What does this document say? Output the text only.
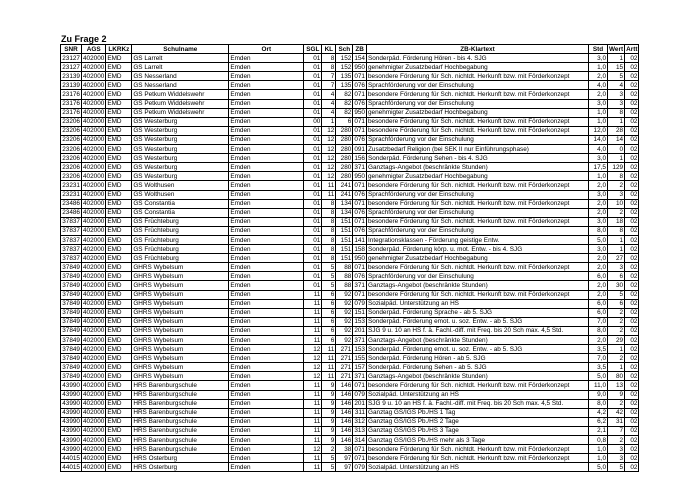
Zu Frage 2
SNR	AGS	LKRKz	Schulname	Ort	SGL	KL	Sch	ZB	ZB-Klartext	Std	Wert	Artt
23127	402000	EMD	GS Larrelt	Emden	01	8	152	154	Sonderpäd. Förderung Hören - bis 4. SJG	3,0	1	02
23127	402000	EMD	GS Larrelt	Emden	01	8	152	950	genehmigter Zusatzbedarf Hochbegabung	1,0	15	02
23139	402000	EMD	GS Nesserland	Emden	01	7	135	071	besondere Förderung für Sch. nichtdt. Herkunft bzw. mit Förderkonzept	2,0	5	02
23139	402000	EMD	GS Nesserland	Emden	01	7	135	076	Sprachförderung vor der Einschulung	4,0	4	02
23176	402000	EMD	GS Petkum Widdelswehr	Emden	01	4	82	071	besondere Förderung für Sch. nichtdt. Herkunft bzw. mit Förderkonzept	2,0	3	02
23176	402000	EMD	GS Petkum Widdelswehr	Emden	01	4	82	076	Sprachförderung vor der Einschulung	3,0	3	02
23176	402000	EMD	GS Petkum Widdelswehr	Emden	01	4	82	950	genehmigter Zusatzbedarf Hochbegabung	1,0	8	02
23206	402000	EMD	GS Westerburg	Emden	00	1	6	071	besondere Förderung für Sch. nichtdt. Herkunft bzw. mit Förderkonzept	1,0	1	02
23206	402000	EMD	GS Westerburg	Emden	01	12	280	071	besondere Förderung für Sch. nichtdt. Herkunft bzw. mit Förderkonzept	12,0	28	02
23206	402000	EMD	GS Westerburg	Emden	01	12	280	076	Sprachförderung vor der Einschulung	14,0	14	02
23206	402000	EMD	GS Westerburg	Emden	01	12	280	091	Zusatzbedarf Religion (bei SEK II nur Einführungsphase)	4,0	0	02
23206	402000	EMD	GS Westerburg	Emden	01	12	280	156	Sonderpäd. Förderung Sehen - bis 4. SJG	3,0	1	02
23206	402000	EMD	GS Westerburg	Emden	01	12	280	371	Ganztags-Angebot (beschränkte Stunden)	17,5	129	02
23206	402000	EMD	GS Westerburg	Emden	01	12	280	950	genehmigter Zusatzbedarf Hochbegabung	1,0	8	02
23231	402000	EMD	GS Wolthusen	Emden	01	11	241	071	besondere Förderung für Sch. nichtdt. Herkunft bzw. mit Förderkonzept	2,0	2	02
23231	402000	EMD	GS Wolthusen	Emden	01	11	241	076	Sprachförderung vor der Einschulung	3,0	3	02
23486	402000	EMD	GS Constantia	Emden	01	8	134	071	besondere Förderung für Sch. nichtdt. Herkunft bzw. mit Förderkonzept	2,0	10	02
23486	402000	EMD	GS Constantia	Emden	01	8	134	076	Sprachförderung vor der Einschulung	2,0	2	02
37837	402000	EMD	GS Früchteburg	Emden	01	8	151	071	besondere Förderung für Sch. nichtdt. Herkunft bzw. mit Förderkonzept	3,0	18	02
37837	402000	EMD	GS Früchteburg	Emden	01	8	151	076	Sprachförderung vor der Einschulung	8,0	8	02
37837	402000	EMD	GS Früchteburg	Emden	01	8	151	141	Integrationsklassen - Förderung geistige Entw.	5,0	1	02
37837	402000	EMD	GS Früchteburg	Emden	01	8	151	158	Sonderpäd. Förderung körp. u. mot. Entw. - bis 4. SJG	3,0	1	02
37837	402000	EMD	GS Früchteburg	Emden	01	8	151	950	genehmigter Zusatzbedarf Hochbegabung	2,0	27	02
37849	402000	EMD	GHRS Wybelsum	Emden	01	5	88	071	besondere Förderung für Sch. nichtdt. Herkunft bzw. mit Förderkonzept	2,0	3	02
37849	402000	EMD	GHRS Wybelsum	Emden	01	5	88	076	Sprachförderung vor der Einschulung	6,0	6	02
37849	402000	EMD	GHRS Wybelsum	Emden	01	5	88	371	Ganztags-Angebot (beschränkte Stunden)	2,0	30	02
37849	402000	EMD	GHRS Wybelsum	Emden	11	6	92	071	besondere Förderung für Sch. nichtdt. Herkunft bzw. mit Förderkonzept	2,0	5	02
37849	402000	EMD	GHRS Wybelsum	Emden	11	6	92	079	Sozialpäd. Unterstützung an HS	6,0	6	02
37849	402000	EMD	GHRS Wybelsum	Emden	11	6	92	151	Sonderpäd. Förderung Sprache - ab 5. SJG	6,0	2	02
37849	402000	EMD	GHRS Wybelsum	Emden	11	6	92	153	Sonderpäd. Förderung emot. u. soz. Entw. - ab 5. SJG	7,0	2	02
37849	402000	EMD	GHRS Wybelsum	Emden	11	6	92	201	SJG 9 u. 10 an HS f. ä. Fachl.-diff. mit Freq. bis 20 Sch max. 4,5 Std.	8,0	2	02
37849	402000	EMD	GHRS Wybelsum	Emden	11	6	92	371	Ganztags-Angebot (beschränkte Stunden)	2,0	29	02
37849	402000	EMD	GHRS Wybelsum	Emden	12	11	271	153	Sonderpäd. Förderung emot. u. soz. Entw. - ab 5. SJG	3,5	1	02
37849	402000	EMD	GHRS Wybelsum	Emden	12	11	271	155	Sonderpäd. Förderung Hören - ab 5. SJG	7,0	2	02
37849	402000	EMD	GHRS Wybelsum	Emden	12	11	271	157	Sonderpäd. Förderung Sehen - ab 5. SJG	3,5	1	02
37849	402000	EMD	GHRS Wybelsum	Emden	12	11	271	371	Ganztags-Angebot (beschränkte Stunden)	5,0	80	02
43990	402000	EMD	HRS Barenburgschule	Emden	11	9	146	071	besondere Förderung für Sch. nichtdt. Herkunft bzw. mit Förderkonzept	11,0	13	02
43990	402000	EMD	HRS Barenburgschule	Emden	11	9	146	079	Sozialpäd. Unterstützung an HS	9,0	9	02
43990	402000	EMD	HRS Barenburgschule	Emden	11	9	146	201	SJG 9 u. 10 an HS f. ä. Fachl.-diff. mit Freq. bis 20 Sch max. 4,5 Std.	8,0	2	02
43990	402000	EMD	HRS Barenburgschule	Emden	11	9	146	311	Ganztag GS/IGS Pb./HS 1 Tag	4,2	42	02
43990	402000	EMD	HRS Barenburgschule	Emden	11	9	146	312	Ganztag GS/IGS Pb./HS 2 Tage	6,2	31	02
43990	402000	EMD	HRS Barenburgschule	Emden	11	9	146	313	Ganztag GS/IGS Pb./HS 3 Tage	2,1	7	02
43990	402000	EMD	HRS Barenburgschule	Emden	11	9	146	314	Ganztag GS/IGS Pb./HS mehr als 3 Tage	0,8	2	02
43990	402000	EMD	HRS Barenburgschule	Emden	12	2	38	071	besondere Förderung für Sch. nichtdt. Herkunft bzw. mit Förderkonzept	1,0	3	02
44015	402000	EMD	HRS Osterburg	Emden	11	5	97	071	besondere Förderung für Sch. nichtdt. Herkunft bzw. mit Förderkonzept	1,0	3	02
44015	402000	EMD	HRS Osterburg	Emden	11	5	97	079	Sozialpäd. Unterstützung an HS	5,0	5	02
